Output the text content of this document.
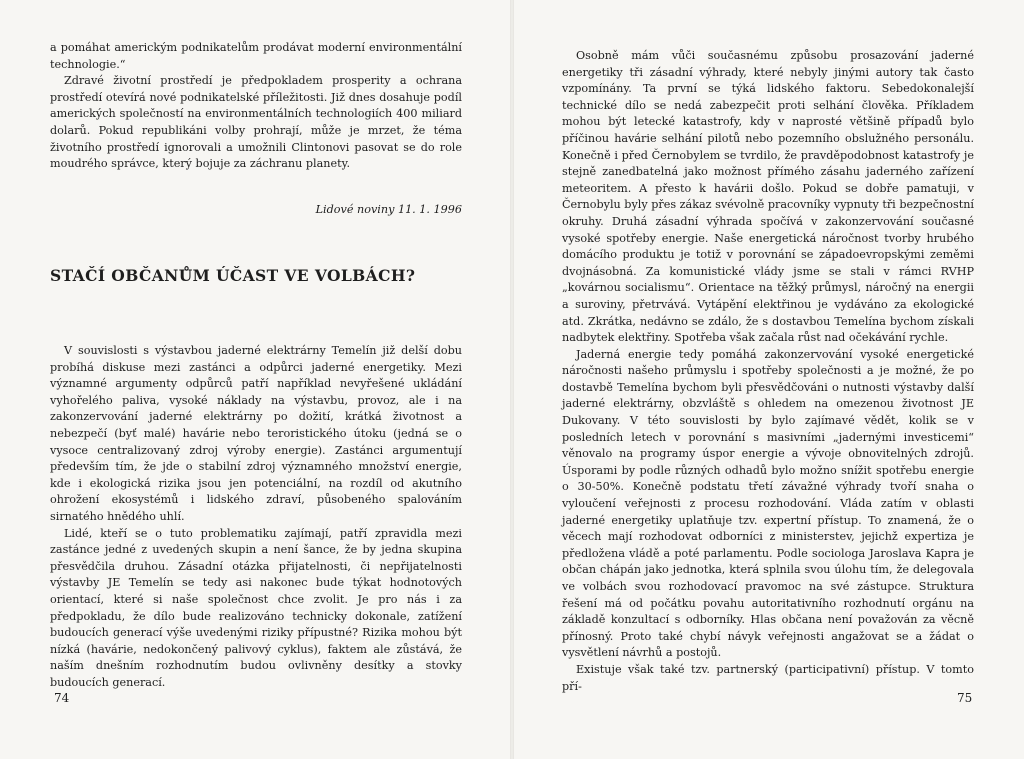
a pomáhat americkým podnikatelům prodávat moderní environmentální technologie.“

Zdravé životní prostředí je předpokladem prosperity a ochrana prostředí otevírá nové podnikatelské příležitosti. Již dnes dosahuje podíl amerických společností na environmentálních technologiích 400 miliard dolarů. Pokud republikáni volby prohrají, může je mrzet, že téma životního prostředí ignorovali a umožnili Clintonovi pasovat se do role moudrého správce, který bojuje za záchranu planety.

Lidové noviny 11. 1. 1996
STAČÍ OBČANŮM ÚČAST VE VOLBÁCH?

V souvislosti s výstavbou jaderné elektrárny Temelín již delší dobu probíhá diskuse mezi zastánci a odpůrci jaderné energetiky. Mezi významné argumenty odpůrců patří například nevyřešené ukládání vyhořelého paliva, vysoké náklady na výstavbu, provoz, ale i na zakonzervování jaderné elektrárny po dožití, krátká životnost a nebezpečí (byť malé) havárie nebo teroristického útoku (jedná se o vysoce centralizovaný zdroj výroby energie). Zastánci argumentují především tím, že jde o stabilní zdroj významného množství energie, kde i ekologická rizika jsou jen potenciální, na rozdíl od akutního ohrožení ekosystémů i lidského zdraví, působeného spalováním sirnatého hnědého uhlí.

Lidé, kteří se o tuto problematiku zajímají, patří zpravidla mezi zastánce jedné z uvedených skupin a není šance, že by jedna skupina přesvědčila druhou. Zásadní otázka přijatelnosti, či nepřijatelnosti výstavby JE Temelín se tedy asi nakonec bude týkat hodnotových orientací, které si naše společnost chce zvolit. Je pro nás i za předpokladu, že dílo bude realizováno technicky dokonale, zatížení budoucích generací výše uvedenými riziky přípustné? Rizika mohou být nízká (havárie, nedokončený palivový cyklus), faktem ale zůstává, že naším dnešním rozhodnutím budou ovlivněny desítky a stovky budoucích generací.

74

Osobně mám vůči současnému způsobu prosazování jaderné energetiky tři zásadní výhrady, které nebyly jinými autory tak často vzpomínány. Ta první se týká lidského faktoru. Sebedokonalejší technické dílo se nedá zabezpečit proti selhání člověka. Příkladem mohou být letecké katastrofy, kdy v naprosté většině případů bylo příčinou havárie selhání pilotů nebo pozemního obslužného personálu. Konečně i před Černobylem se tvrdilo, že pravděpodobnost katastrofy je stejně zanedbatelná jako možnost přímého zásahu jaderného zařízení meteoritem. A přesto k havárii došlo. Pokud se dobře pamatuji, v Černobylu byly přes zákaz svévolně pracovníky vypnuty tři bezpečnostní okruhy. Druhá zásadní výhrada spočívá v zakonzervování současné vysoké spotřeby energie. Naše energetická náročnost tvorby hrubého domácího produktu je totiž v porovnání se západoevropskými zeměmi dvojnásobná. Za komunistické vlády jsme se stali v rámci RVHP „kovárnou socialismu“. Orientace na těžký průmysl, náročný na energii a suroviny, přetrvává. Vytápění elektřinou je vydáváno za ekologické atd. Zkrátka, nedávno se zdálo, že s dostavbou Temelína bychom získali nadbytek elektřiny. Spotřeba však začala růst nad očekávání rychle.

Jaderná energie tedy pomáhá zakonzervování vysoké energetické náročnosti našeho průmyslu i spotřeby společnosti a je možné, že po dostavbě Temelína bychom byli přesvědčováni o nutnosti výstavby další jaderné elektrárny, obzvláště s ohledem na omezenou životnost JE Dukovany. V této souvislosti by bylo zajímavé vědět, kolik se v posledních letech v porovnání s masivními „jadernými investicemi“ věnovalo na programy úspor energie a vývoje obnovitelných zdrojů. Úsporami by podle různých odhadů bylo možno snížit spotřebu energie o 30-50%. Konečně podstatu třetí závažné výhrady tvoří snaha o vyloučení veřejnosti z procesu rozhodování. Vláda zatím v oblasti jaderné energetiky uplatňuje tzv. expertní přístup. To znamená, že o věcech mají rozhodovat odborníci z ministerstev, jejichž expertiza je předložena vládě a poté parlamentu. Podle sociologa Jaroslava Kapra je občan chápán jako jednotka, která splnila svou úlohu tím, že delegovala ve volbách svou rozhodovací pravomoc na své zástupce. Struktura řešení má od počátku povahu autoritativního rozhodnutí orgánu na základě konzultací s odborníky. Hlas občana není považován za věcně přínosný. Proto také chybí návyk veřejnosti angažovat se a žádat o vysvětlení návrhů a postojů.

Existuje však také tzv. partnerský (participativní) přístup. V tomto pří-

75
